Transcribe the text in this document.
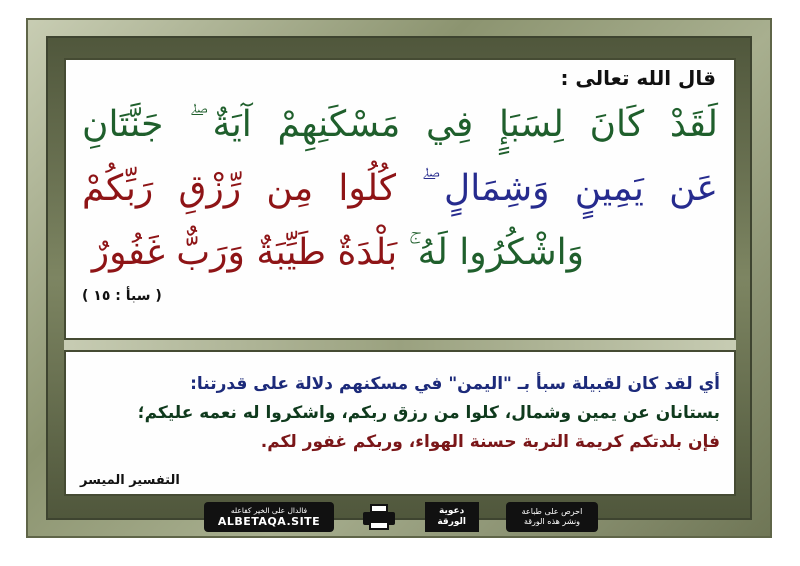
قال الله تعالى :
لَقَدْ كَانَ لِسَبَإٍ فِي مَسْكَنِهِمْ آيَةٌ ۖ جَنَّتَانِ
عَن يَمِينٍ وَشِمَالٍ ۖ كُلُوا مِن رِّزْقِ رَبِّكُمْ
وَاشْكُرُوا لَهُ ۚ بَلْدَةٌ طَيِّبَةٌ وَرَبٌّ غَفُورٌ
( سبأ : ١٥ )
أي لقد كان لقبيلة سبأ بـ "اليمن" في مسكنهم دلالة على قدرتنا:
بستانان عن يمين وشمال، كلوا من رزق ربكم، واشكروا له نعمه عليكم؛
فإن بلدتكم كريمة التربة حسنة الهواء، وربكم غفور لكم.
التفسير الميسر
فالدال على الخير كفاعله
ALBETAQA.SITE
دعوية
الورقة
احرص على طباعة
ونشر هذه الورقة
